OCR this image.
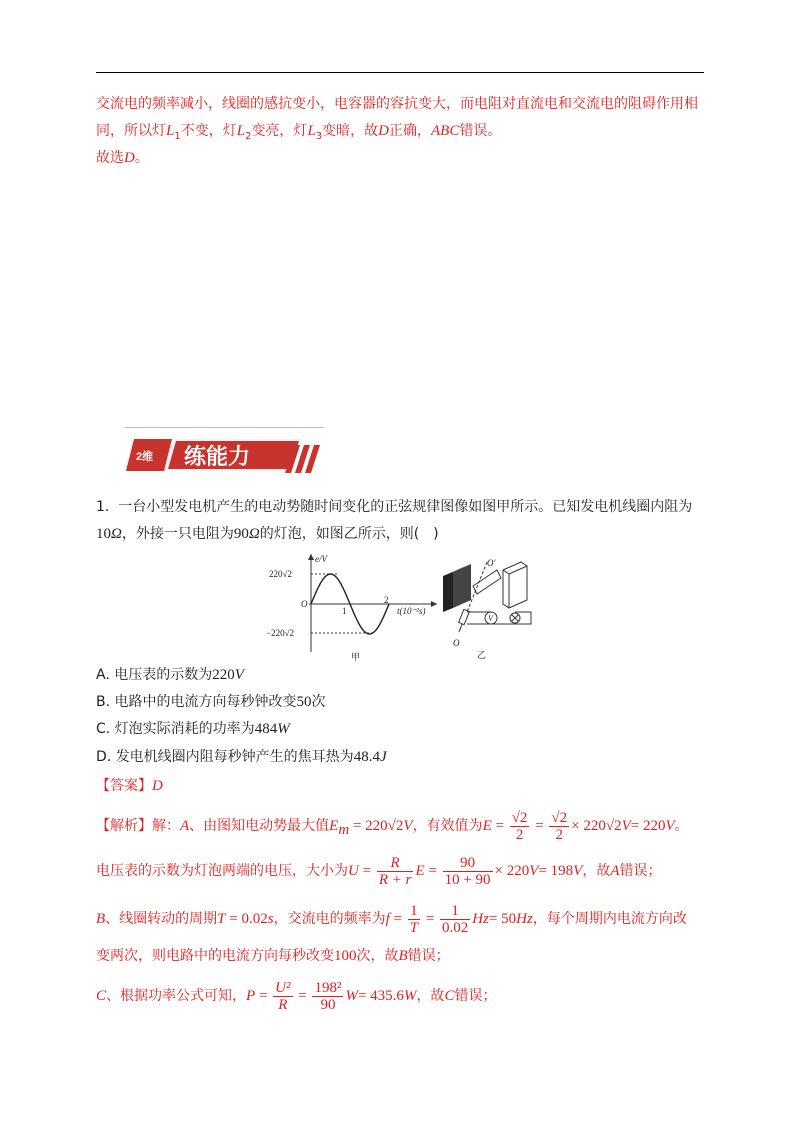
交流电的频率减小，线圈的感抗变小，电容器的容抗变大，而电阻对直流电和交流电的阻碍作用相
同，所以灯$L_1$不变，灯$L_2$变亮，灯$L_3$变暗，故D正确，ABC错误。
故选D。
2维 练能力
1. 一台小型发电机产生的电动势随时间变化的正弦规律图像如图甲所示。已知发电机线圈内阻为
10Ω，外接一只电阻为90Ω的灯泡，如图乙所示，则(　)
e/V
220√2
O
−220√2
1
2
t(10⁻²s)
甲
V
O′
O
乙
A. 电压表的示数为220V
B. 电路中的电流方向每秒钟改变50次
C. 灯泡实际消耗的功率为484W
D. 发电机线圈内阻每秒钟产生的焦耳热为48.4J
【答案】D
【解析】解：A、由图知电动势最大值$E_m = 220√2V$，有效值为$E = \frac{√2}{2} = \frac{√2}{2} \times 220√2V= 220V$。
电压表的示数为灯泡两端的电压，大小为$U = \frac{R}{R + r}$ $E = \frac{90}{10 + 90} \times 220V= 198V$，故A错误；
B、线圈转动的周期T = 0.02s，交流电的频率为$f = \frac{1}{T} = \frac{1}{0.02} Hz= 50Hz$，每个周期内电流方向改
变两次，则电路中的电流方向每秒改变100次，故B错误；
C、根据功率公式可知，$P = \frac{\text{U²}}{R} = \frac{\text{198²}}{90} W= 435.6W$，故C错误；
